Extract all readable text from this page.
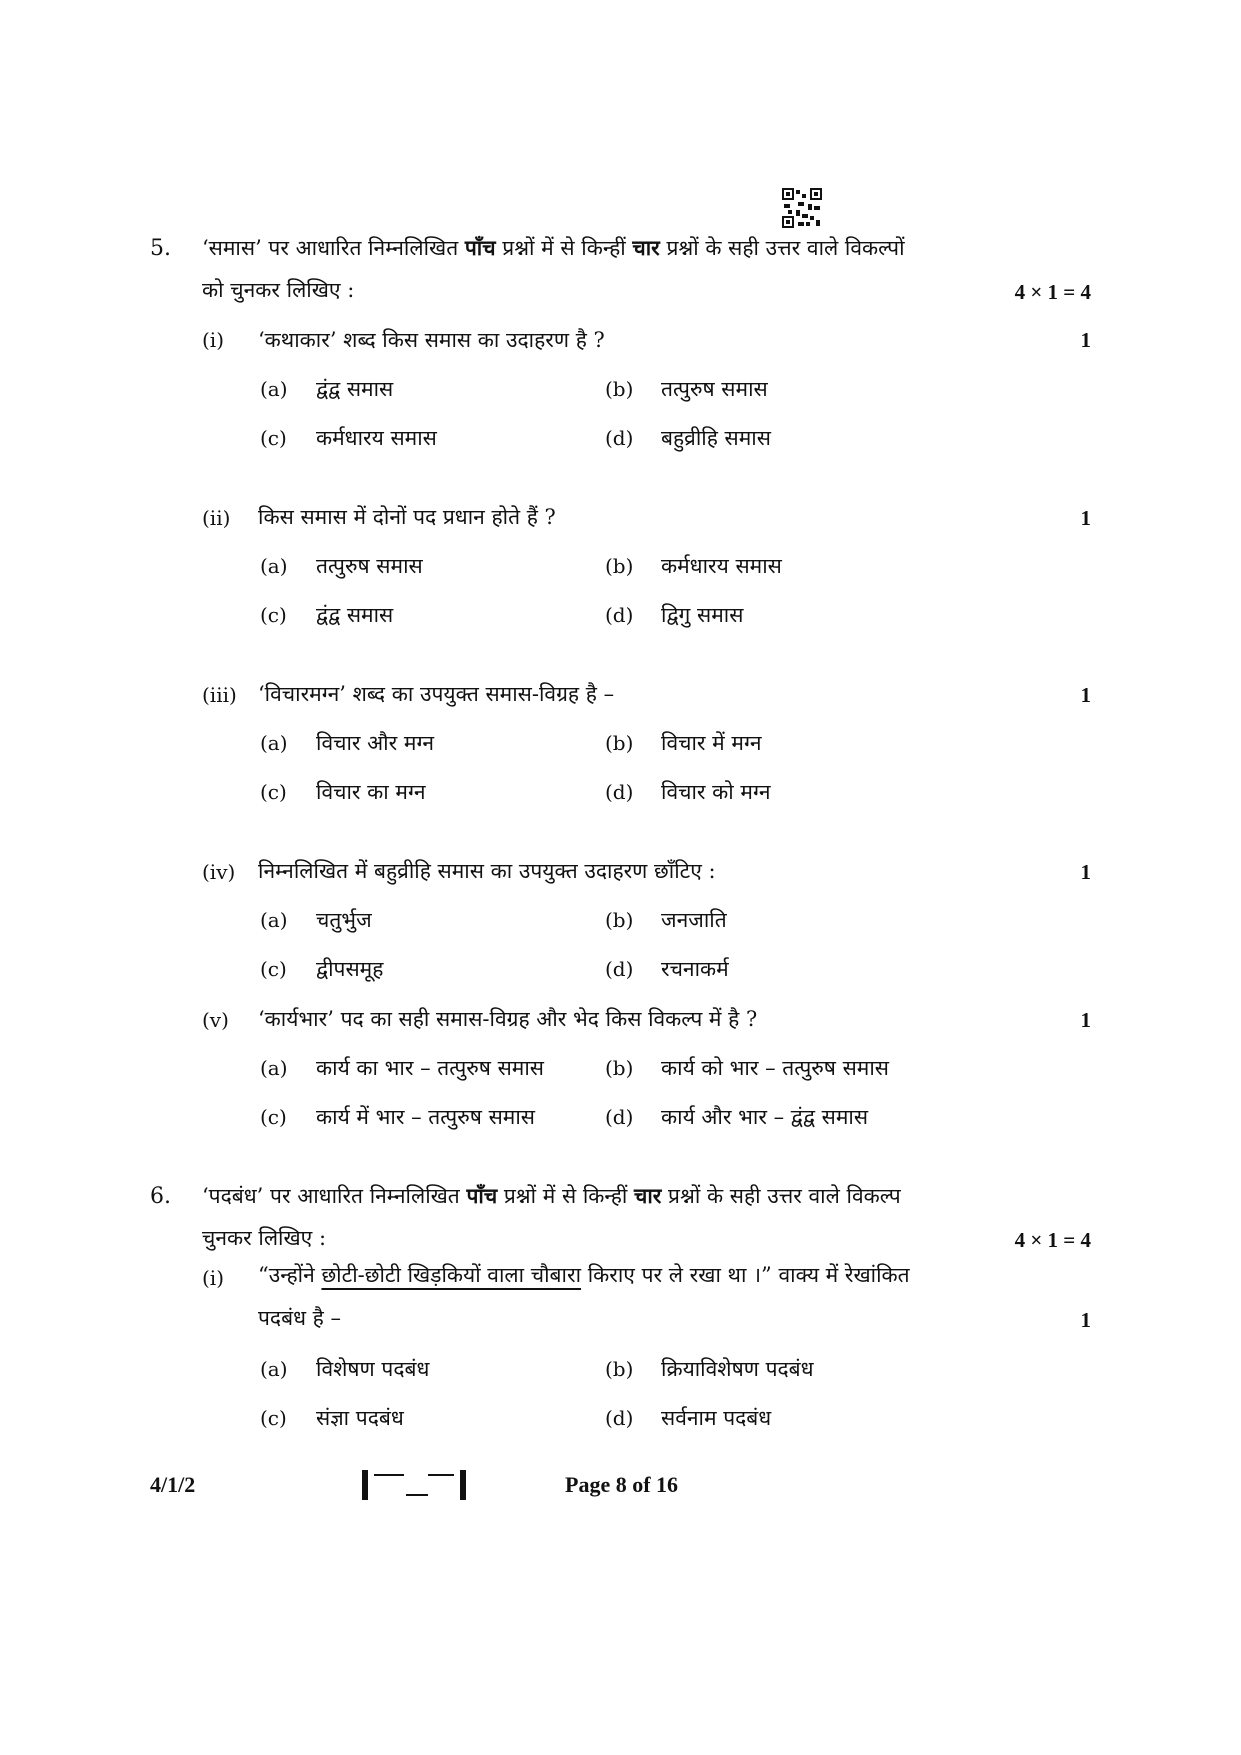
5. ‘समास’ पर आधारित निम्नलिखित पाँच प्रश्नों में से किन्हीं चार प्रश्नों के सही उत्तर वाले विकल्पों
को चुनकर लिखिए :	4 × 1 = 4
(i) ‘कथाकार’ शब्द किस समास का उदाहरण है ?	1
(a) द्वंद्व समास	(b) तत्पुरुष समास
(c) कर्मधारय समास	(d) बहुव्रीहि समास
(ii) किस समास में दोनों पद प्रधान होते हैं ?	1
(a) तत्पुरुष समास	(b) कर्मधारय समास
(c) द्वंद्व समास	(d) द्विगु समास
(iii) ‘विचारमग्न’ शब्द का उपयुक्त समास-विग्रह है –	1
(a) विचार और मग्न	(b) विचार में मग्न
(c) विचार का मग्न	(d) विचार को मग्न
(iv) निम्नलिखित में बहुव्रीहि समास का उपयुक्त उदाहरण छाँटिए :	1
(a) चतुर्भुज	(b) जनजाति
(c) द्वीपसमूह	(d) रचनाकर्म
(v) ‘कार्यभार’ पद का सही समास-विग्रह और भेद किस विकल्प में है ?	1
(a) कार्य का भार – तत्पुरुष समास	(b) कार्य को भार – तत्पुरुष समास
(c) कार्य में भार – तत्पुरुष समास	(d) कार्य और भार – द्वंद्व समास
6. ‘पदबंध’ पर आधारित निम्नलिखित पाँच प्रश्नों में से किन्हीं चार प्रश्नों के सही उत्तर वाले विकल्प
चुनकर लिखिए :	4 × 1 = 4
(i) “उन्होंने छोटी-छोटी खिड़कियों वाला चौबारा किराए पर ले रखा था ।” वाक्य में रेखांकित
पदबंध है –	1
(a) विशेषण पदबंध	(b) क्रियाविशेषण पदबंध
(c) संज्ञा पदबंध	(d) सर्वनाम पदबंध
4/1/2	Page 8 of 16
